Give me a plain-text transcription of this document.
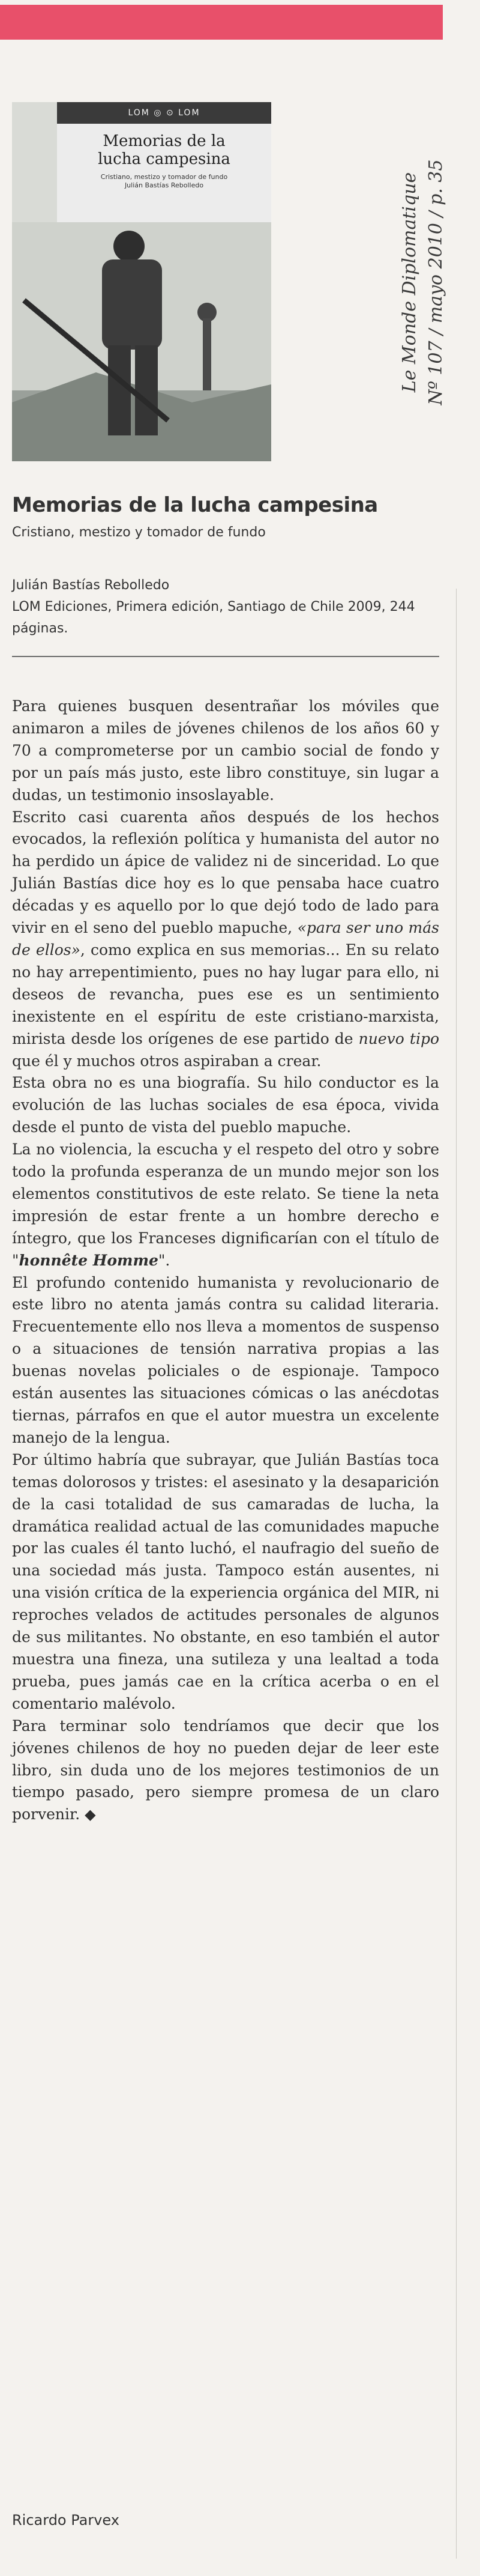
LOM ◎ ⊙ LOM
Memorias de la
lucha campesina
Cristiano, mestizo y tomador de fundo
Julián Bastías Rebolledo	Le Monde Diplomatique Nº 107 / mayo 2010 / p. 35
Memorias de la lucha campesina
Cristiano, mestizo y tomador de fundo
Julián Bastías Rebolledo
LOM Ediciones, Primera edición, Santiago de Chile 2009, 244 páginas.

Para quienes busquen desentrañar los móviles que animaron a miles de jóvenes chilenos de los años 60 y 70 a comprometerse por un cambio social de fondo y por un país más justo, este libro constituye, sin lugar a dudas, un testimonio insoslayable.

Escrito casi cuarenta años después de los hechos evocados, la reflexión política y humanista del autor no ha perdido un ápice de validez ni de sinceridad. Lo que Julián Bastías dice hoy es lo que pensaba hace cuatro décadas y es aquello por lo que dejó todo de lado para vivir en el seno del pueblo mapuche, «para ser uno más de ellos», como explica en sus memorias... En su relato no hay arrepentimiento, pues no hay lugar para ello, ni deseos de revancha, pues ese es un sentimiento inexistente en el espíritu de este cristiano-marxista, mirista desde los orígenes de ese partido de nuevo tipo que él y muchos otros aspiraban a crear.

Esta obra no es una biografía. Su hilo conductor es la evolución de las luchas sociales de esa época, vivida desde el punto de vista del pueblo mapuche.

La no violencia, la escucha y el respeto del otro y sobre todo la profunda esperanza de un mundo mejor son los elementos constitutivos de este relato. Se tiene la neta impresión de estar frente a un hombre derecho e íntegro, que los Franceses dignificarían con el título de "honnête Homme".

El profundo contenido humanista y revolucionario de este libro no atenta jamás contra su calidad literaria. Frecuentemente ello nos lleva a momentos de suspenso o a situaciones de tensión narrativa propias a las buenas novelas policiales o de espionaje. Tampoco están ausentes las situaciones cómicas o las anécdotas tiernas, párrafos en que el autor muestra un excelente manejo de la lengua.

Por último habría que subrayar, que Julián Bastías toca temas dolorosos y tristes: el asesinato y la desaparición de la casi totalidad de sus camaradas de lucha, la dramática realidad actual de las comunidades mapuche por las cuales él tanto luchó, el naufragio del sueño de una sociedad más justa. Tampoco están ausentes, ni una visión crítica de la experiencia orgánica del MIR, ni reproches velados de actitudes personales de algunos de sus militantes. No obstante, en eso también el autor muestra una fineza, una sutileza y una lealtad a toda prueba, pues jamás cae en la crítica acerba o en el comentario malévolo.

Para terminar solo tendríamos que decir que los jóvenes chilenos de hoy no pueden dejar de leer este libro, sin duda uno de los mejores testimonios de un tiempo pasado, pero siempre promesa de un claro porvenir. ◆

Ricardo Parvex
